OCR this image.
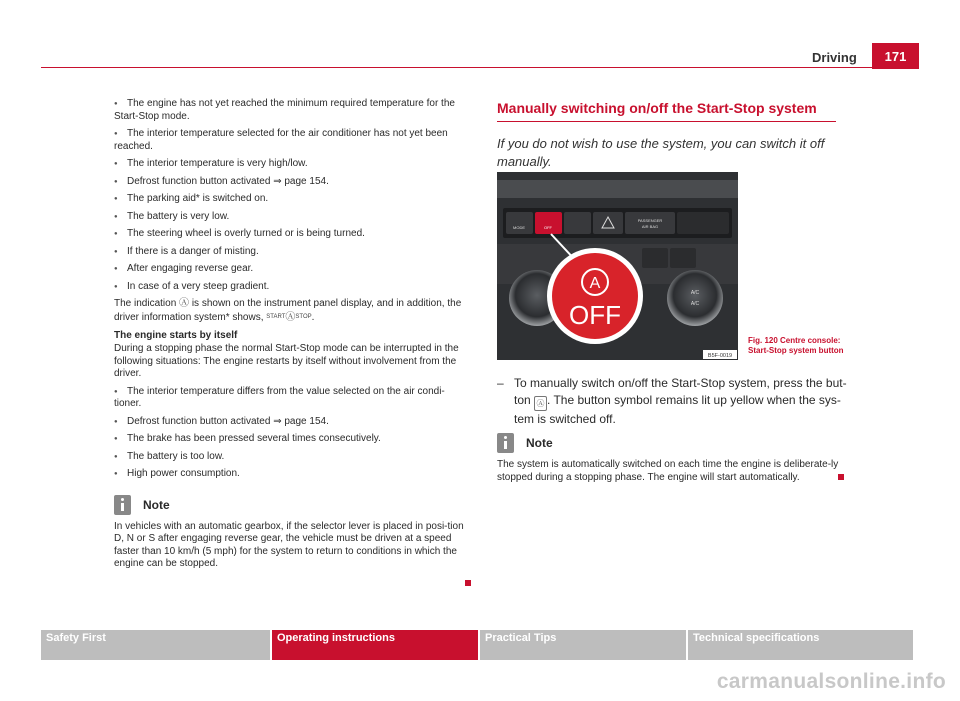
Driving	171

● The engine has not yet reached the minimum required temperature for the Start-Stop mode.

● The interior temperature selected for the air conditioner has not yet been reached.

● The interior temperature is very high/low.

● Defrost function button activated ⇒ page 154.

● The parking aid* is switched on.

● The battery is very low.

● The steering wheel is overly turned or is being turned.

● If there is a danger of misting.

● After engaging reverse gear.

● In case of a very steep gradient.

The indication Ⓐ is shown on the instrument panel display, and in addition, the driver information system* shows, STARTⒶSTOP.

The engine starts by itself

During a stopping phase the normal Start-Stop mode can be interrupted in the following situations: The engine restarts by itself without involvement from the driver.

● The interior temperature differs from the value selected on the air condi-tioner.

● Defrost function button activated ⇒ page 154.

● The brake has been pressed several times consecutively.

● The battery is too low.

● High power consumption.

Note
In vehicles with an automatic gearbox, if the selector lever is placed in posi-tion D, N or S after engaging reverse gear, the vehicle must be driven at a speed faster than 10 km/h (5 mph) for the system to return to conditions in which the engine can be stopped.
Manually switching on/off the Start-Stop system
If you do not wish to use the system, you can switch it off manually.
MODE	OFF
PASSENGER
AIR BAG
A/C
A/C
A
OFF
B5F-0019
Fig. 120 Centre console:
Start-Stop system button
– To manually switch on/off the Start-Stop system, press the but-ton Ⓐ . The button symbol remains lit up yellow when the sys-tem is switched off.
Note
The system is automatically switched on each time the engine is deliberate-ly stopped during a stopping phase. The engine will start automatically.
Safety First	Operating instructions	Practical Tips	Technical specifications
carmanualsonline.info
